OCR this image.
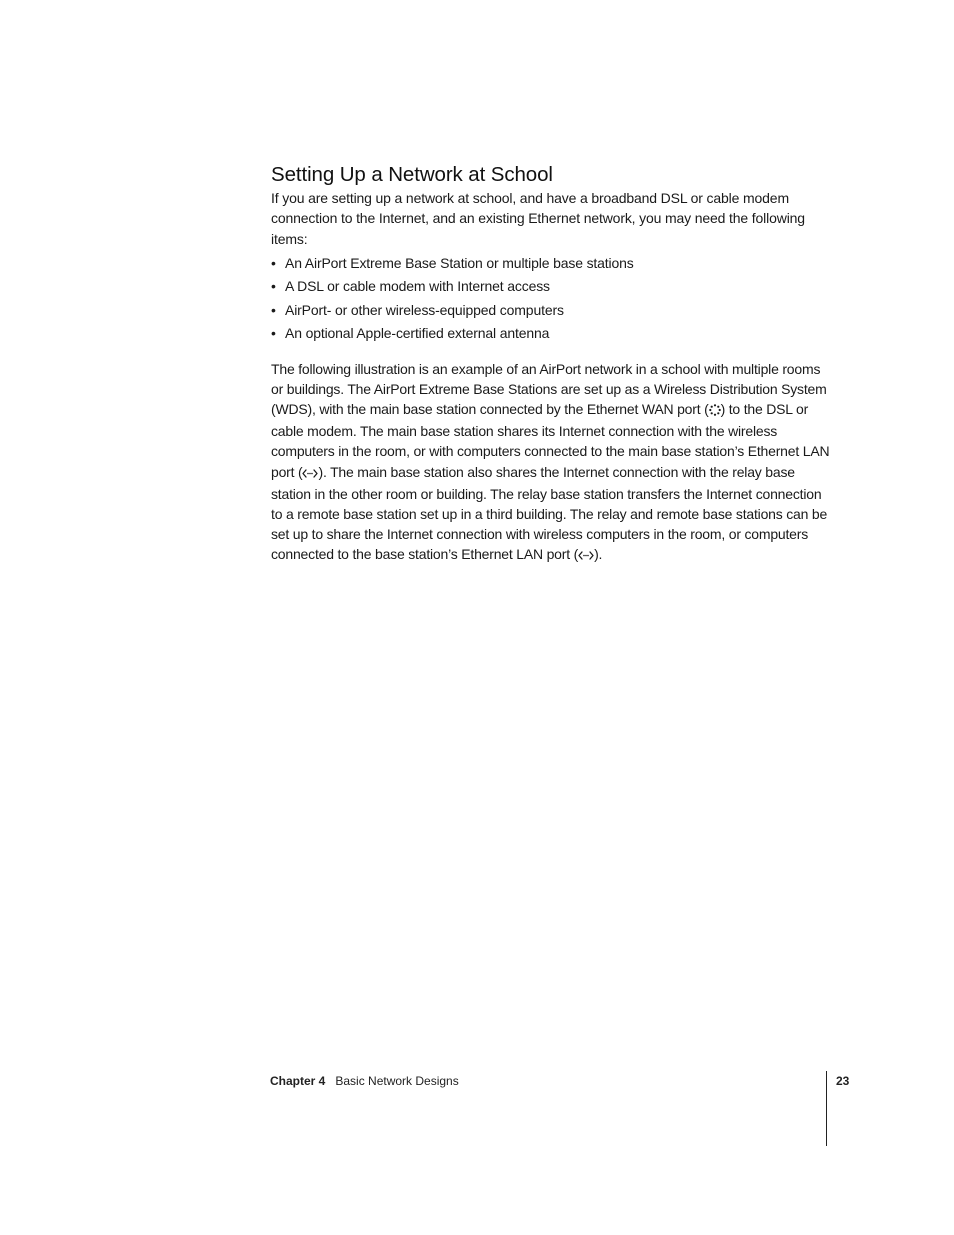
Setting Up a Network at School

If you are setting up a network at school, and have a broadband DSL or cable modem connection to the Internet, and an existing Ethernet network, you may need the following items:

• An AirPort Extreme Base Station or multiple base stations
• A DSL or cable modem with Internet access
• AirPort- or other wireless-equipped computers
• An optional Apple-certified external antenna

The following illustration is an example of an AirPort network in a school with multiple rooms or buildings. The AirPort Extreme Base Stations are set up as a Wireless Distribution System (WDS), with the main base station connected by the Ethernet WAN port ( ) to the DSL or cable modem. The main base station shares its Internet connection with the wireless computers in the room, or with computers connected to the main base station’s Ethernet LAN port ( ). The main base station also shares the Internet connection with the relay base station in the other room or building. The relay base station transfers the Internet connection to a remote base station set up in a third building. The relay and remote base stations can be set up to share the Internet connection with wireless computers in the room, or computers connected to the base station’s Ethernet LAN port ( ).

Chapter 4 Basic Network Designs	23
